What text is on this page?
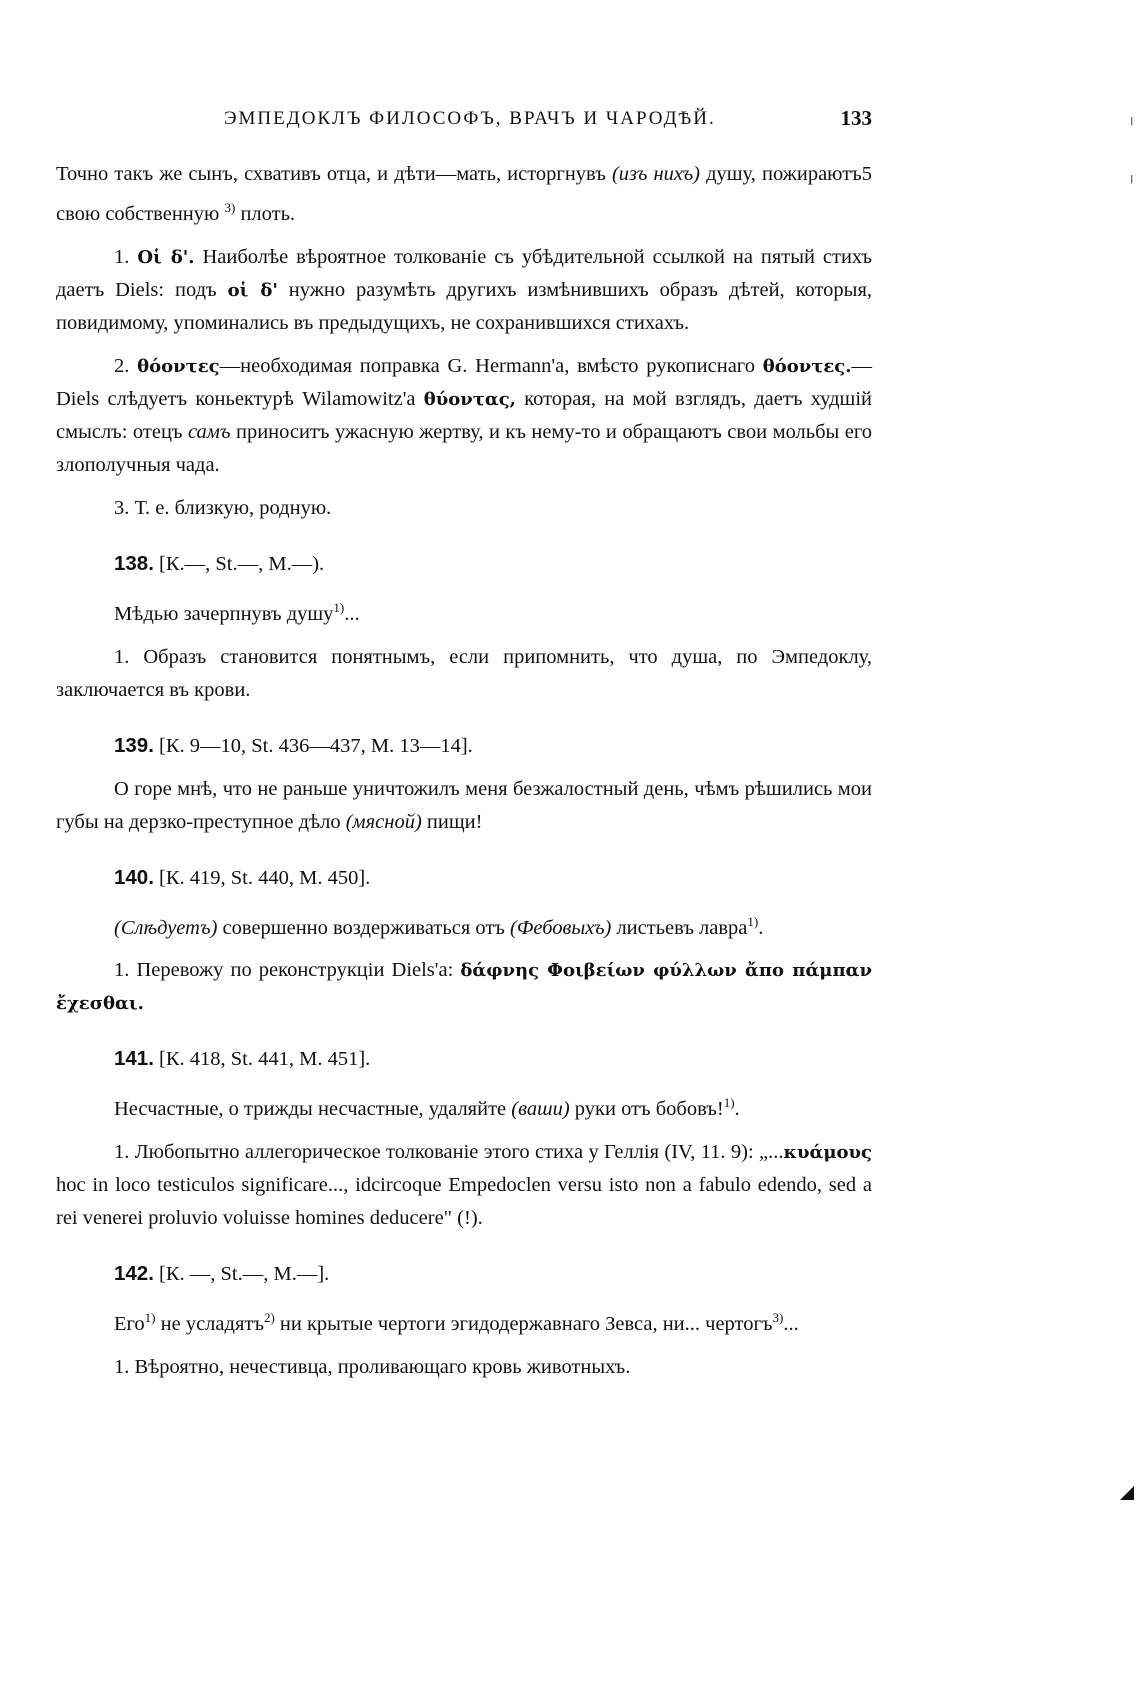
ЭМПЕДОКЛЪ ФИЛОСОФЪ, ВРАЧЪ И ЧАРОДѢЙ.	133

Точно такъ же сынъ, схвативъ отца, и дѣти—мать, исторгнувъ (изъ нихъ)	5
душу, пожираютъ свою собственную $^{3)}$ плоть.

1. Οἱ δ'. Наиболѣе вѣроятное толкованіе съ убѣдительной ссылкой на пятый стихъ даетъ Diels: подъ οἱ δ' нужно разумѣть другихъ измѣнившихъ образъ дѣтей, которыя, повидимому, упоминались въ предыдущихъ, не сохранившихся стихахъ.

2. θόοντες—необходимая поправка G. Hermann'a, вмѣсто рукописнаго θόοντες.—Diels слѣдуетъ коньектурѣ Wilamowitz'a θύοντας, которая, на мой взглядъ, даетъ худшій смыслъ: отецъ самъ приноситъ ужасную жертву, и къ нему-то и обращаютъ свои мольбы его злополучныя чада.

3. Т. е. близкую, родную.

138. [К.—, St.—, М.—).

Мѣдью зачерпнувъ душу$^{1)}$...

1. Образъ становится понятнымъ, если припомнить, что душа, по Эмпедоклу, заключается въ крови.

139. [К. 9—10, St. 436—437, М. 13—14].

О горе мнѣ, что не раньше уничтожилъ меня безжалостный день, чѣмъ рѣшились мои губы на дерзко-преступное дѣло (мясной) пищи!

140. [К. 419, St. 440, М. 450].

(Слѣдуетъ) совершенно воздерживаться отъ (Фебовыхъ) листьевъ лавра$^{1)}$.

1. Перевожу по реконструкціи Diels'a: δάφνης Φοιβείων φύλλων ἄπο πάμπαν ἔχεσθαι.

141. [К. 418, St. 441, М. 451].

Несчастные, о трижды несчастные, удаляйте (ваши) руки отъ бобовъ!$^{1)}$.

1. Любопытно аллегорическое толкованіе этого стиха у Геллія (IV, 11. 9): „...κυάμους hoc in loco testiculos significare..., idcircoque Empedoclen versu isto non a fabulo edendo, sed a rei venerei proluvio voluisse homines deducere" (!).

142. [К. —, St.—, М.—].

Его$^{1)}$ не усладятъ$^{2)}$ ни крытые чертоги эгидодержавнаго Зевса, ни... чертогъ$^{3)}$...

1. Вѣроятно, нечестивца, проливающаго кровь животныхъ.

╵
╵
